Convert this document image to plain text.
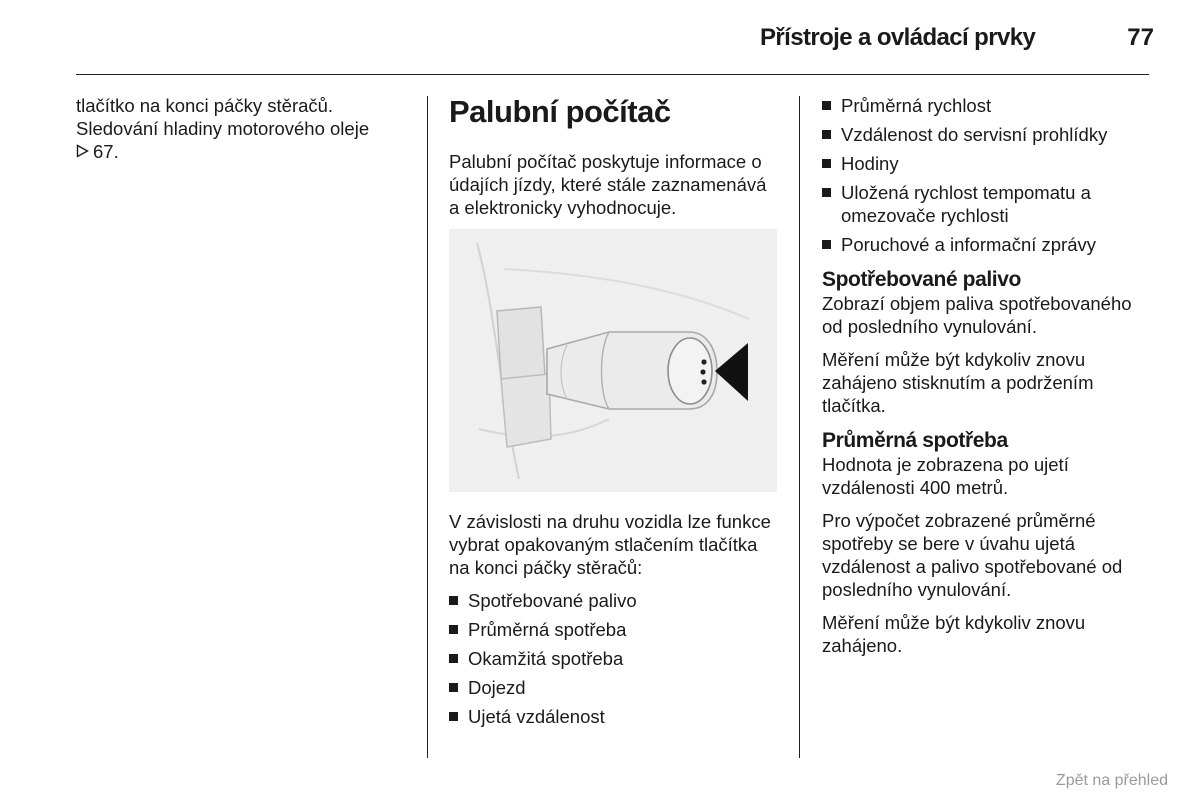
Přístroje a ovládací prvky	77
tlačítko na konci páčky stěračů.
Sledování hladiny motorového oleje
67.
Palubní počítač

Palubní počítač poskytuje informace o údajích jízdy, které stále zaznamenává a elektronicky vyhodnocuje.

V závislosti na druhu vozidla lze funkce vybrat opakovaným stlačením tlačítka na konci páčky stěračů:

Spotřebované palivo
Průměrná spotřeba
Okamžitá spotřeba
Dojezd
Ujetá vzdálenost
Průměrná rychlost
Vzdálenost do servisní prohlídky
Hodiny
Uložená rychlost tempomatu a omezovače rychlosti
Poruchové a informační zprávy
Spotřebované palivo

Zobrazí objem paliva spotřebovaného od posledního vynulování.

Měření může být kdykoliv znovu zahájeno stisknutím a podržením tlačítka.

Průměrná spotřeba

Hodnota je zobrazena po ujetí vzdálenosti 400 metrů.

Pro výpočet zobrazené průměrné spotřeby se bere v úvahu ujetá vzdálenost a palivo spotřebované od posledního vynulování.

Měření může být kdykoliv znovu zahájeno.

Zpět na přehled
